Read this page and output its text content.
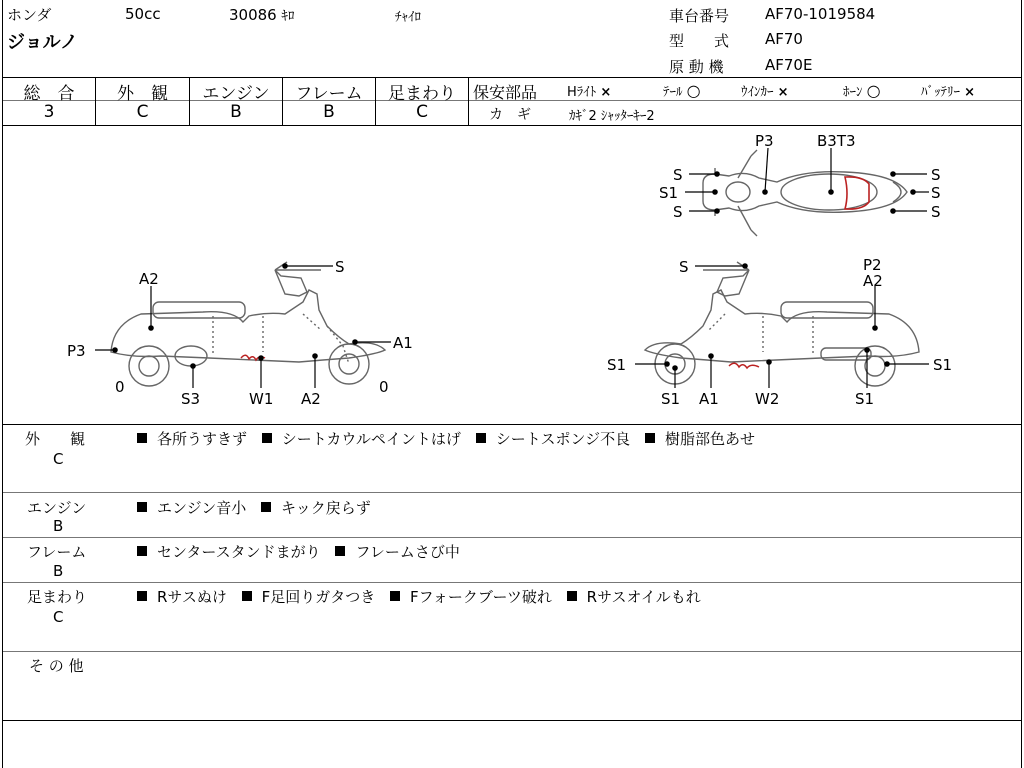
ホンダ	50cc	30086 ｷﾛ	ﾁｬｲﾛ
ジョルノ
車台番号 AF70-1019584
型　　式 AF70
原 動 機	AF70E
総　合
3
外　観
C
エンジン
B
フレーム
B
足まわり
C
保安部品 Hﾗｲﾄ ×	ﾃｰﾙ ○	ｳｲﾝｶｰ ×	ﾎｰﾝ ○	ﾊﾞｯﾃﾘｰ ×
カ　ギ	ｶｷﾞ2 ｼｬｯﾀｰｷｰ2
P3	B3T3
S
S1
S
S
S
S
S
A2
P3	A1
0	0
S3	W1 A2
S	P2
A2
S1	S1
S1 A1 W2	S1
外　　観
C
各所うすきず シートカウルペイントはげ シートスポンジ不良 樹脂部色あせ
エンジン
B
エンジン音小 キック戻らず
フレーム
B
センタースタンドまがり フレームさび中
足まわり
C
Rサスぬけ F足回りガタつき Fフォークブーツ破れ Rサスオイルもれ
そ の 他
